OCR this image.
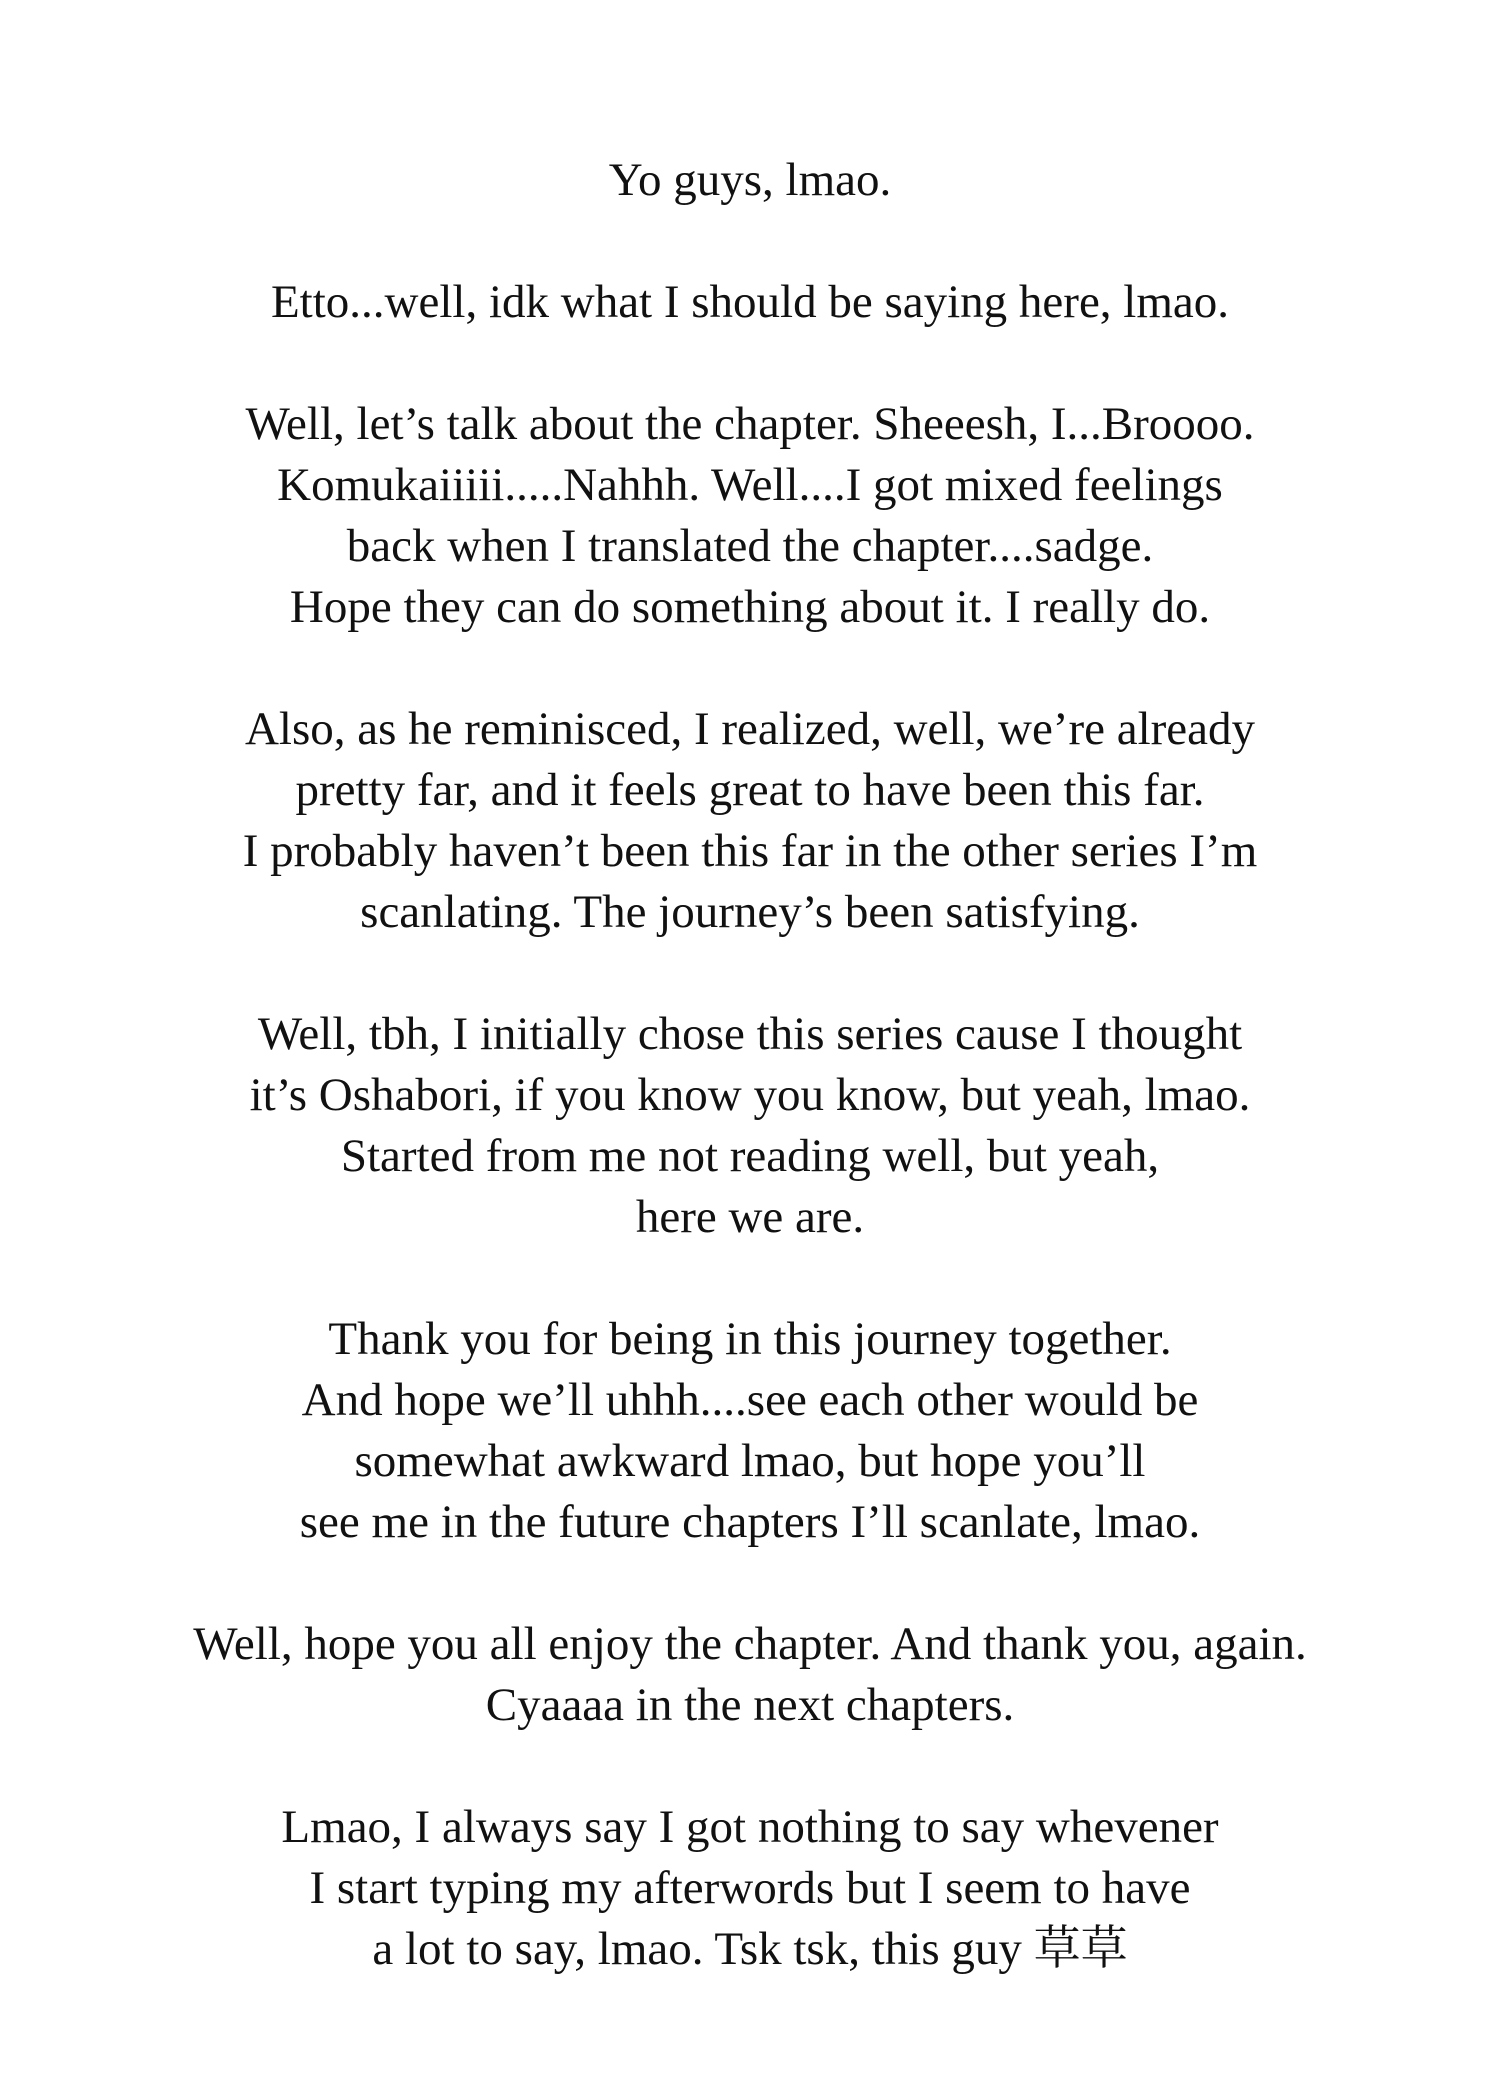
Yo guys, lmao.

Etto...well, idk what I should be saying here, lmao.

Well, let’s talk about the chapter. Sheeesh, I...Broooo.
Komukaiiiii.....Nahhh. Well....I got mixed feelings
back when I translated the chapter....sadge.
Hope they can do something about it. I really do.

Also, as he reminisced, I realized, well, we’re already
pretty far, and it feels great to have been this far.
I probably haven’t been this far in the other series I’m
scanlating. The journey’s been satisfying.

Well, tbh, I initially chose this series cause I thought
it’s Oshabori, if you know you know, but yeah, lmao.
Started from me not reading well, but yeah,
here we are.

Thank you for being in this journey together.
And hope we’ll uhhh....see each other would be
somewhat awkward lmao, but hope you’ll
see me in the future chapters I’ll scanlate, lmao.

Well, hope you all enjoy the chapter. And thank you, again.
Cyaaaa in the next chapters.

Lmao, I always say I got nothing to say whevener
I start typing my afterwords but I seem to have
a lot to say, lmao. Tsk tsk, this guy 草草
